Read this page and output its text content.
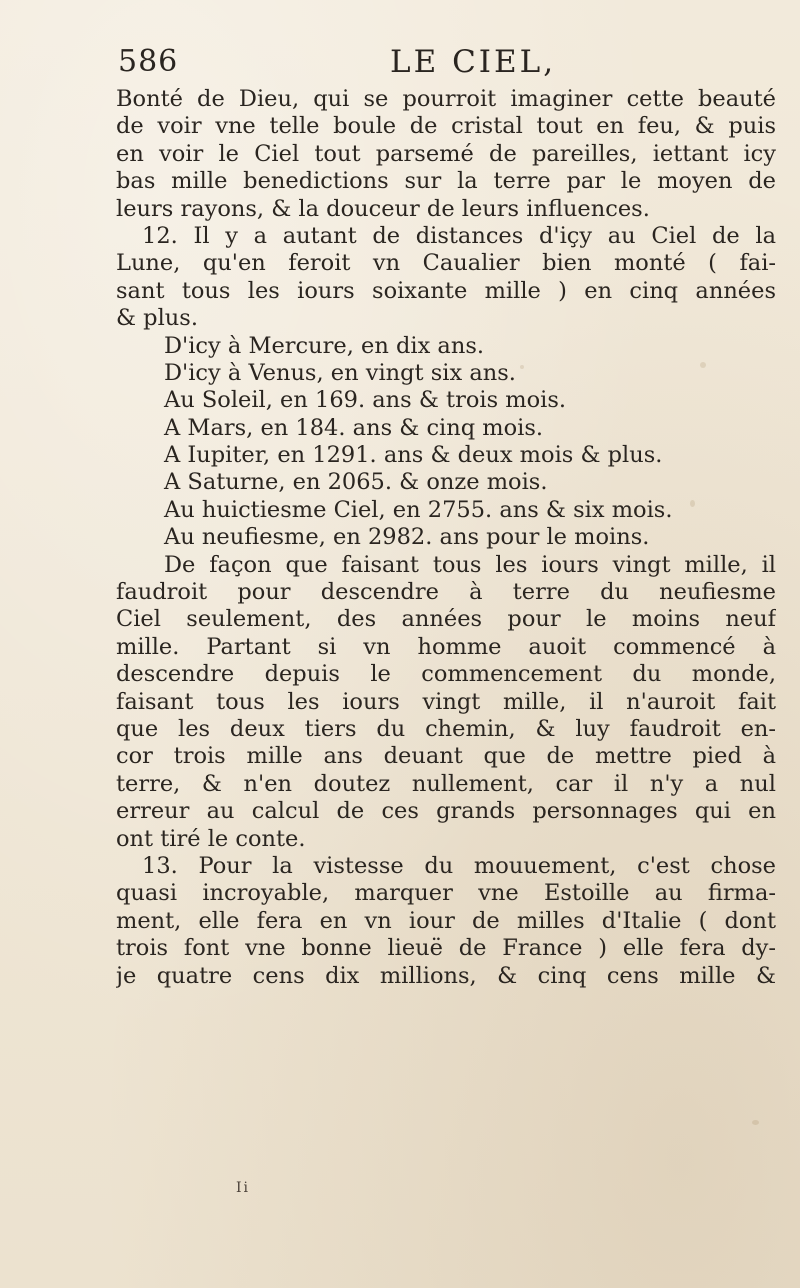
586	LE CIEL,
Bonté de Dieu, qui se pourroit imaginer cette beauté
de voir vne telle boule de cristal tout en feu, & puis
en voir le Ciel tout parsemé de pareilles, iettant icy
bas mille benedictions sur la terre par le moyen de
leurs rayons, & la douceur de leurs influences.
12. Il y a autant de distances d'içy au Ciel de la
Lune, qu'en feroit vn Caualier bien monté ( fai-
sant tous les iours soixante mille ) en cinq années
& plus.
D'icy à Mercure, en dix ans.
D'icy à Venus, en vingt six ans.
Au Soleil, en 169. ans & trois mois.
A Mars, en 184. ans & cinq mois.
A Iupiter, en 1291. ans & deux mois & plus.
A Saturne, en 2065. & onze mois.
Au huictiesme Ciel, en 2755. ans & six mois.
Au neufiesme, en 2982. ans pour le moins.
De façon que faisant tous les iours vingt mille, il
faudroit pour descendre à terre du neufiesme
Ciel seulement, des années pour le moins neuf
mille. Partant si vn homme auoit commencé à
descendre depuis le commencement du monde,
faisant tous les iours vingt mille, il n'auroit fait
que les deux tiers du chemin, & luy faudroit en-
cor trois mille ans deuant que de mettre pied à
terre, & n'en doutez nullement, car il n'y a nul
erreur au calcul de ces grands personnages qui en
ont tiré le conte.
13. Pour la vistesse du mouuement, c'est chose
quasi incroyable, marquer vne Estoille au firma-
ment, elle fera en vn iour de milles d'Italie ( dont
trois font vne bonne lieuë de France ) elle fera dy-
je quatre cens dix millions, & cinq cens mille &
Ii
